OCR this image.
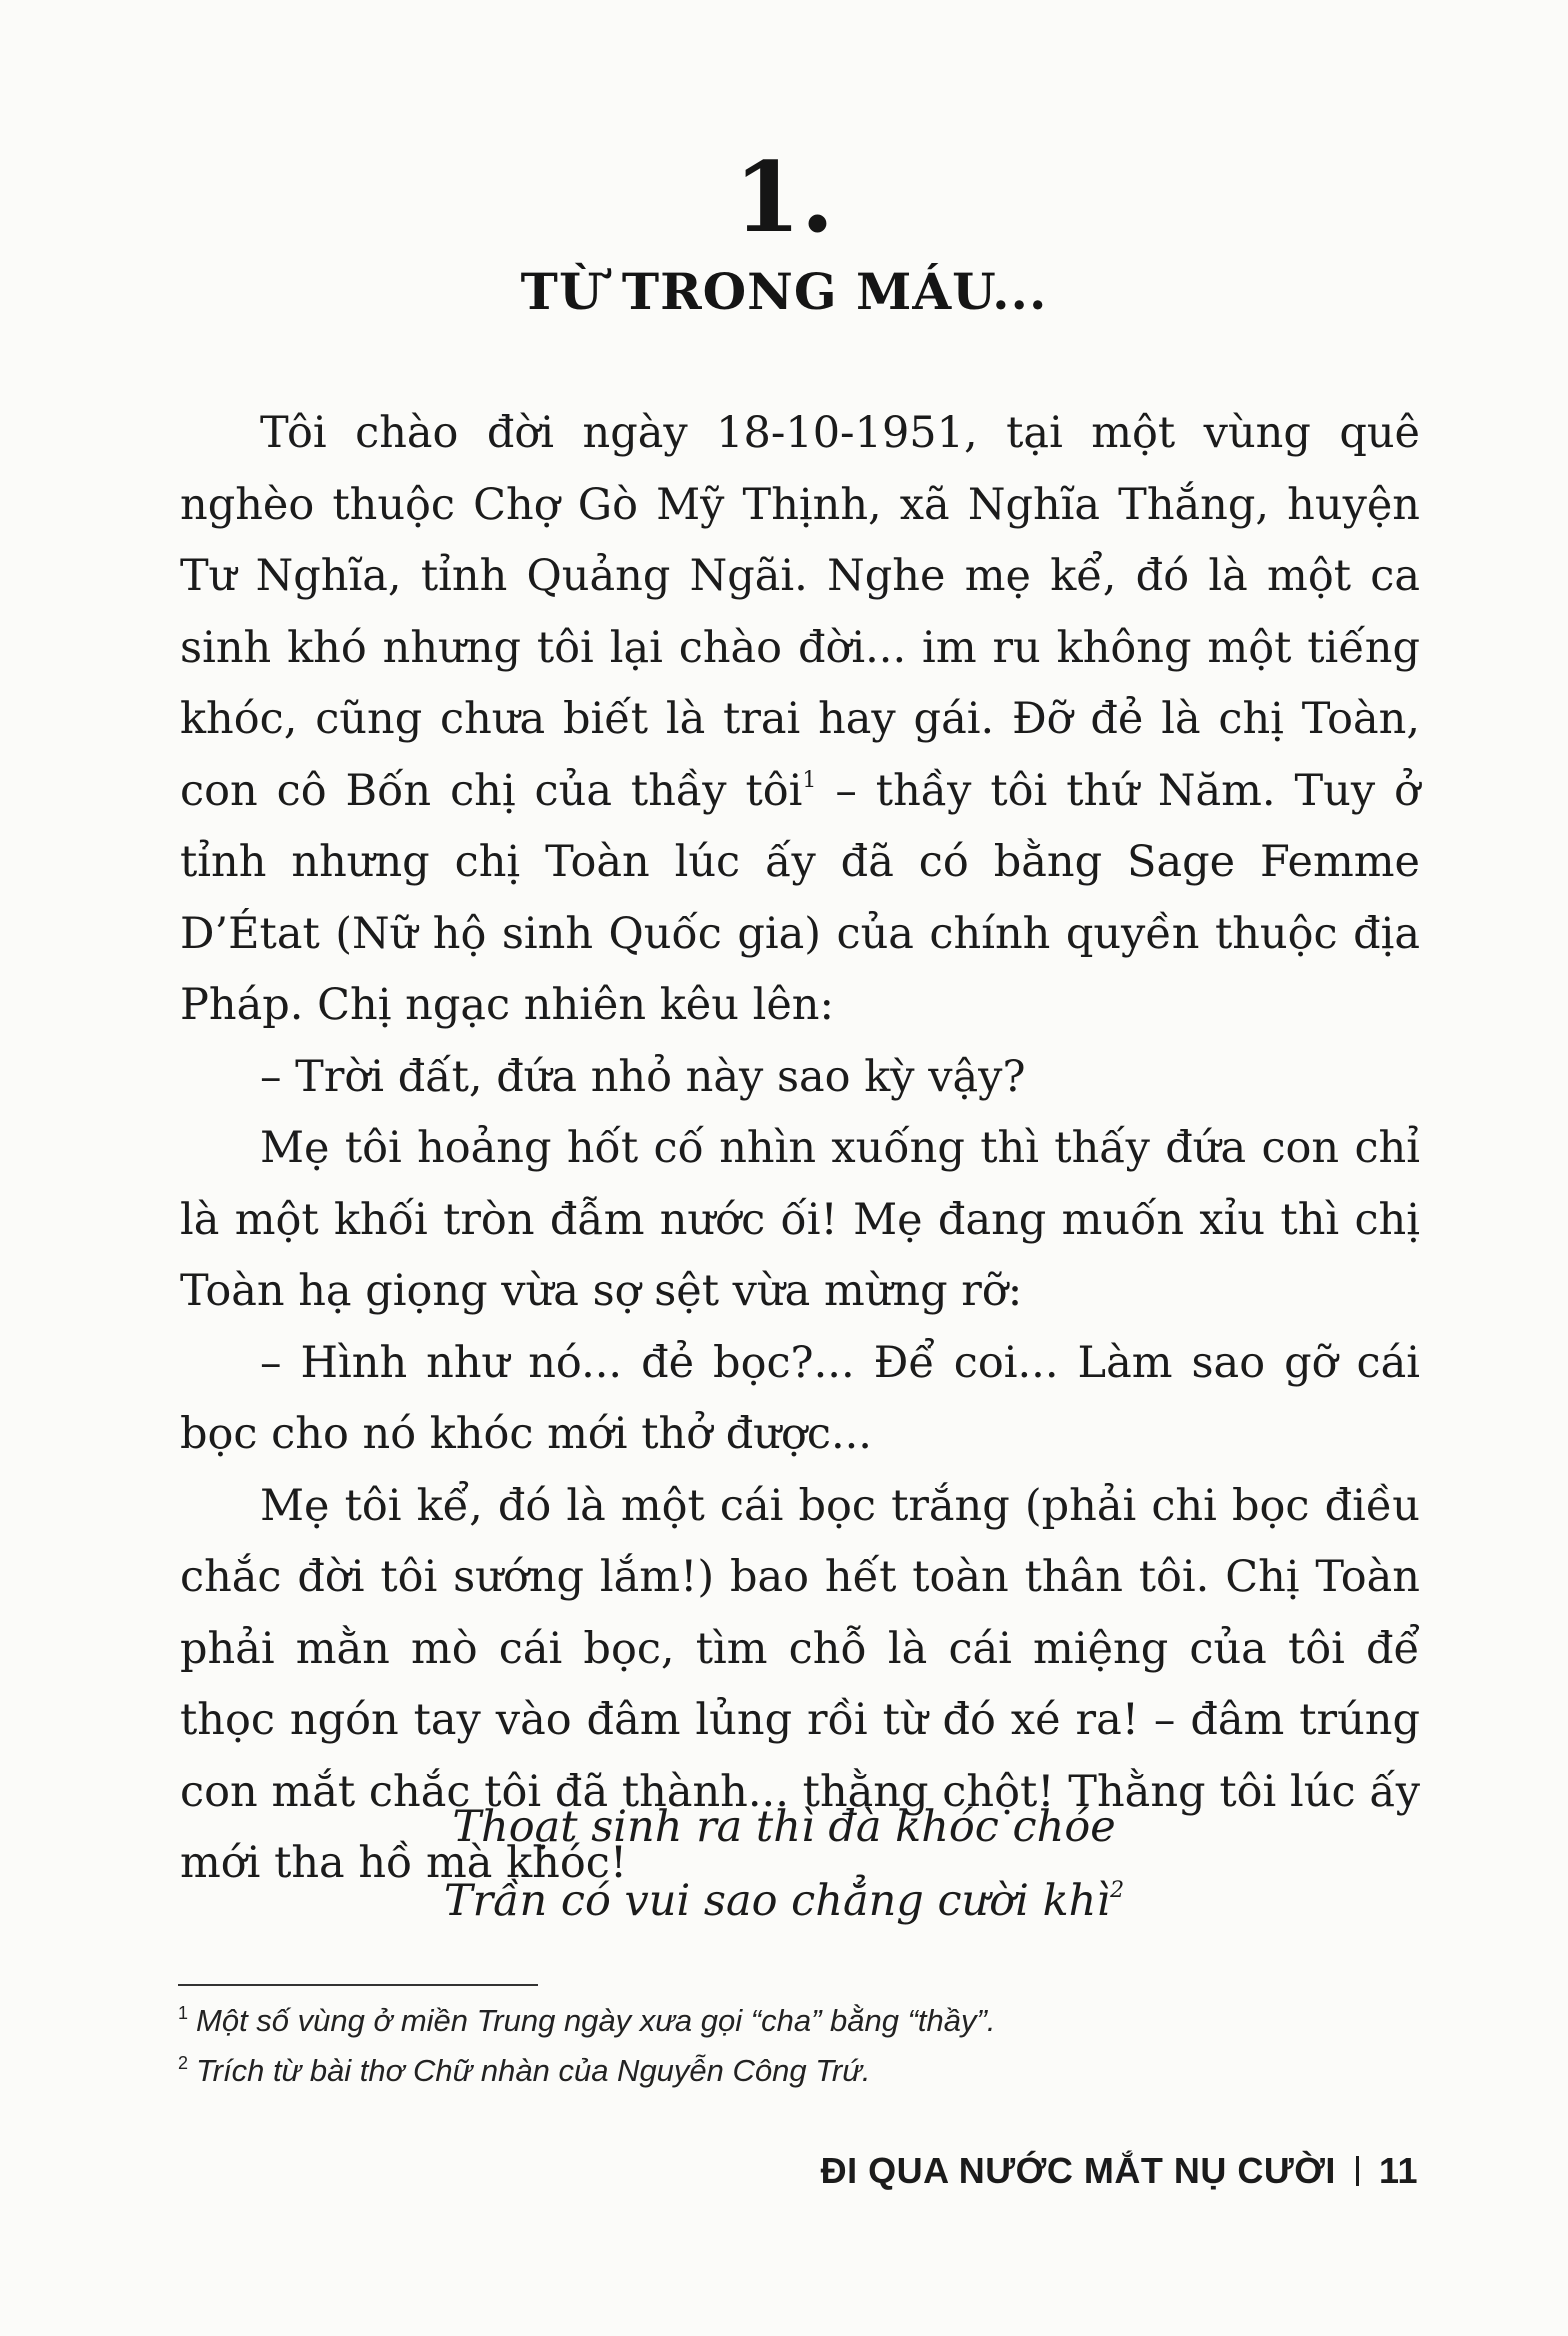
1.
TỪ TRONG MÁU...

Tôi chào đời ngày 18-10-1951, tại một vùng quê nghèo thuộc Chợ Gò Mỹ Thịnh, xã Nghĩa Thắng, huyện Tư Nghĩa, tỉnh Quảng Ngãi. Nghe mẹ kể, đó là một ca sinh khó nhưng tôi lại chào đời... im ru không một tiếng khóc, cũng chưa biết là trai hay gái. Đỡ đẻ là chị Toàn, con cô Bốn chị của thầy tôi$^1$ – thầy tôi thứ Năm. Tuy ở tỉnh nhưng chị Toàn lúc ấy đã có bằng Sage Femme D’État (Nữ hộ sinh Quốc gia) của chính quyền thuộc địa Pháp. Chị ngạc nhiên kêu lên:

– Trời đất, đứa nhỏ này sao kỳ vậy?

Mẹ tôi hoảng hốt cố nhìn xuống thì thấy đứa con chỉ là một khối tròn đẫm nước ối! Mẹ đang muốn xỉu thì chị Toàn hạ giọng vừa sợ sệt vừa mừng rỡ:

– Hình như nó... đẻ bọc?... Để coi... Làm sao gỡ cái bọc cho nó khóc mới thở được...

Mẹ tôi kể, đó là một cái bọc trắng (phải chi bọc điều chắc đời tôi sướng lắm!) bao hết toàn thân tôi. Chị Toàn phải mằn mò cái bọc, tìm chỗ là cái miệng của tôi để thọc ngón tay vào đâm lủng rồi từ đó xé ra! – đâm trúng con mắt chắc tôi đã thành... thằng chột! Thằng tôi lúc ấy mới tha hồ mà khóc!

Thoạt sinh ra thì đà khóc chóe
Trần có vui sao chẳng cười khì$^2$
$^1$ Một số vùng ở miền Trung ngày xưa gọi “cha” bằng “thầy”.
$^2$ Trích từ bài thơ Chữ nhàn của Nguyễn Công Trứ.
ĐI QUA NƯỚC MẮT NỤ CƯỜI 11
